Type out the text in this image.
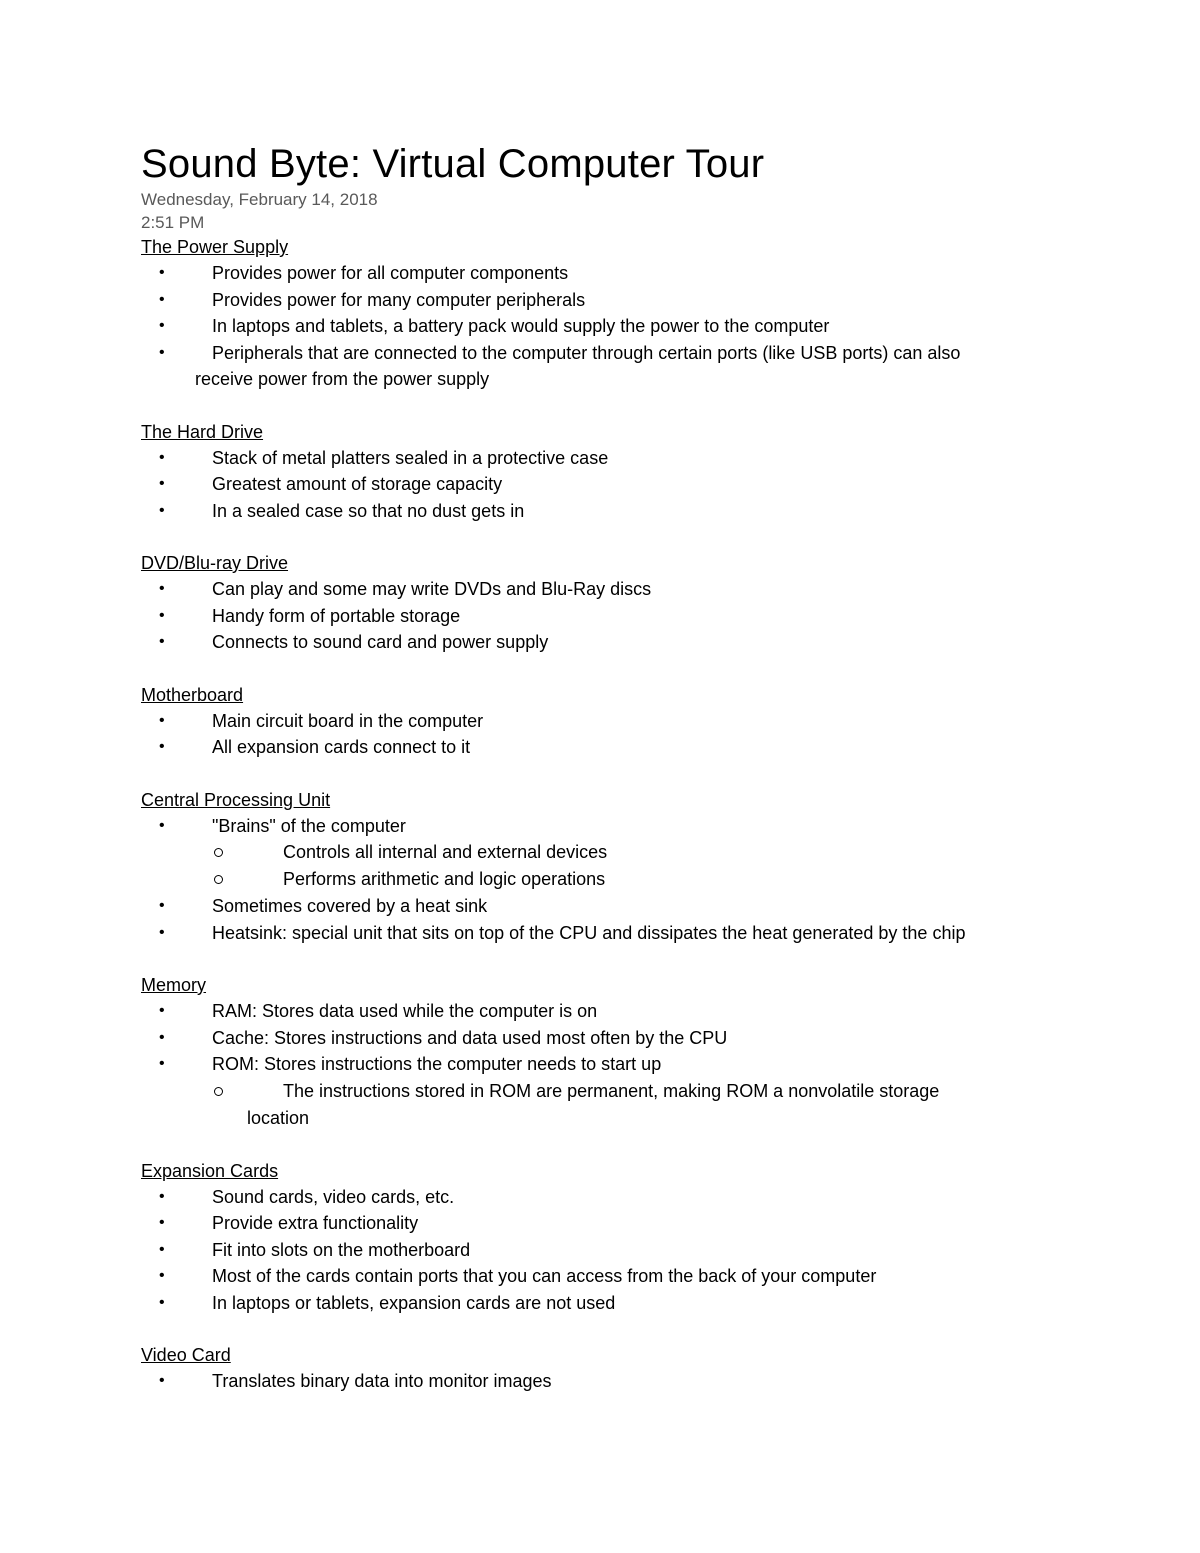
Sound Byte: Virtual Computer Tour
Wednesday, February 14, 2018
2:51 PM
The Power Supply
•	Provides power for all computer components
•	Provides power for many computer peripherals
•	In laptops and tablets, a battery pack would supply the power to the computer
•	Peripherals that are connected to the computer through certain ports (like USB ports) can also
receive power from the power supply
The Hard Drive
•	Stack of metal platters sealed in a protective case
•	Greatest amount of storage capacity
•	In a sealed case so that no dust gets in
DVD/Blu-ray Drive
•	Can play and some may write DVDs and Blu-Ray discs
•	Handy form of portable storage
•	Connects to sound card and power supply
Motherboard
•	Main circuit board in the computer
•	All expansion cards connect to it
Central Processing Unit
•	"Brains" of the computer
Controls all internal and external devices
Performs arithmetic and logic operations
•	Sometimes covered by a heat sink
•	Heatsink: special unit that sits on top of the CPU and dissipates the heat generated by the chip
Memory
•	RAM: Stores data used while the computer is on
•	Cache: Stores instructions and data used most often by the CPU
•	ROM: Stores instructions the computer needs to start up
The instructions stored in ROM are permanent, making ROM a nonvolatile storage
location
Expansion Cards
•	Sound cards, video cards, etc.
•	Provide extra functionality
•	Fit into slots on the motherboard
•	Most of the cards contain ports that you can access from the back of your computer
•	In laptops or tablets, expansion cards are not used
Video Card
•	Translates binary data into monitor images
